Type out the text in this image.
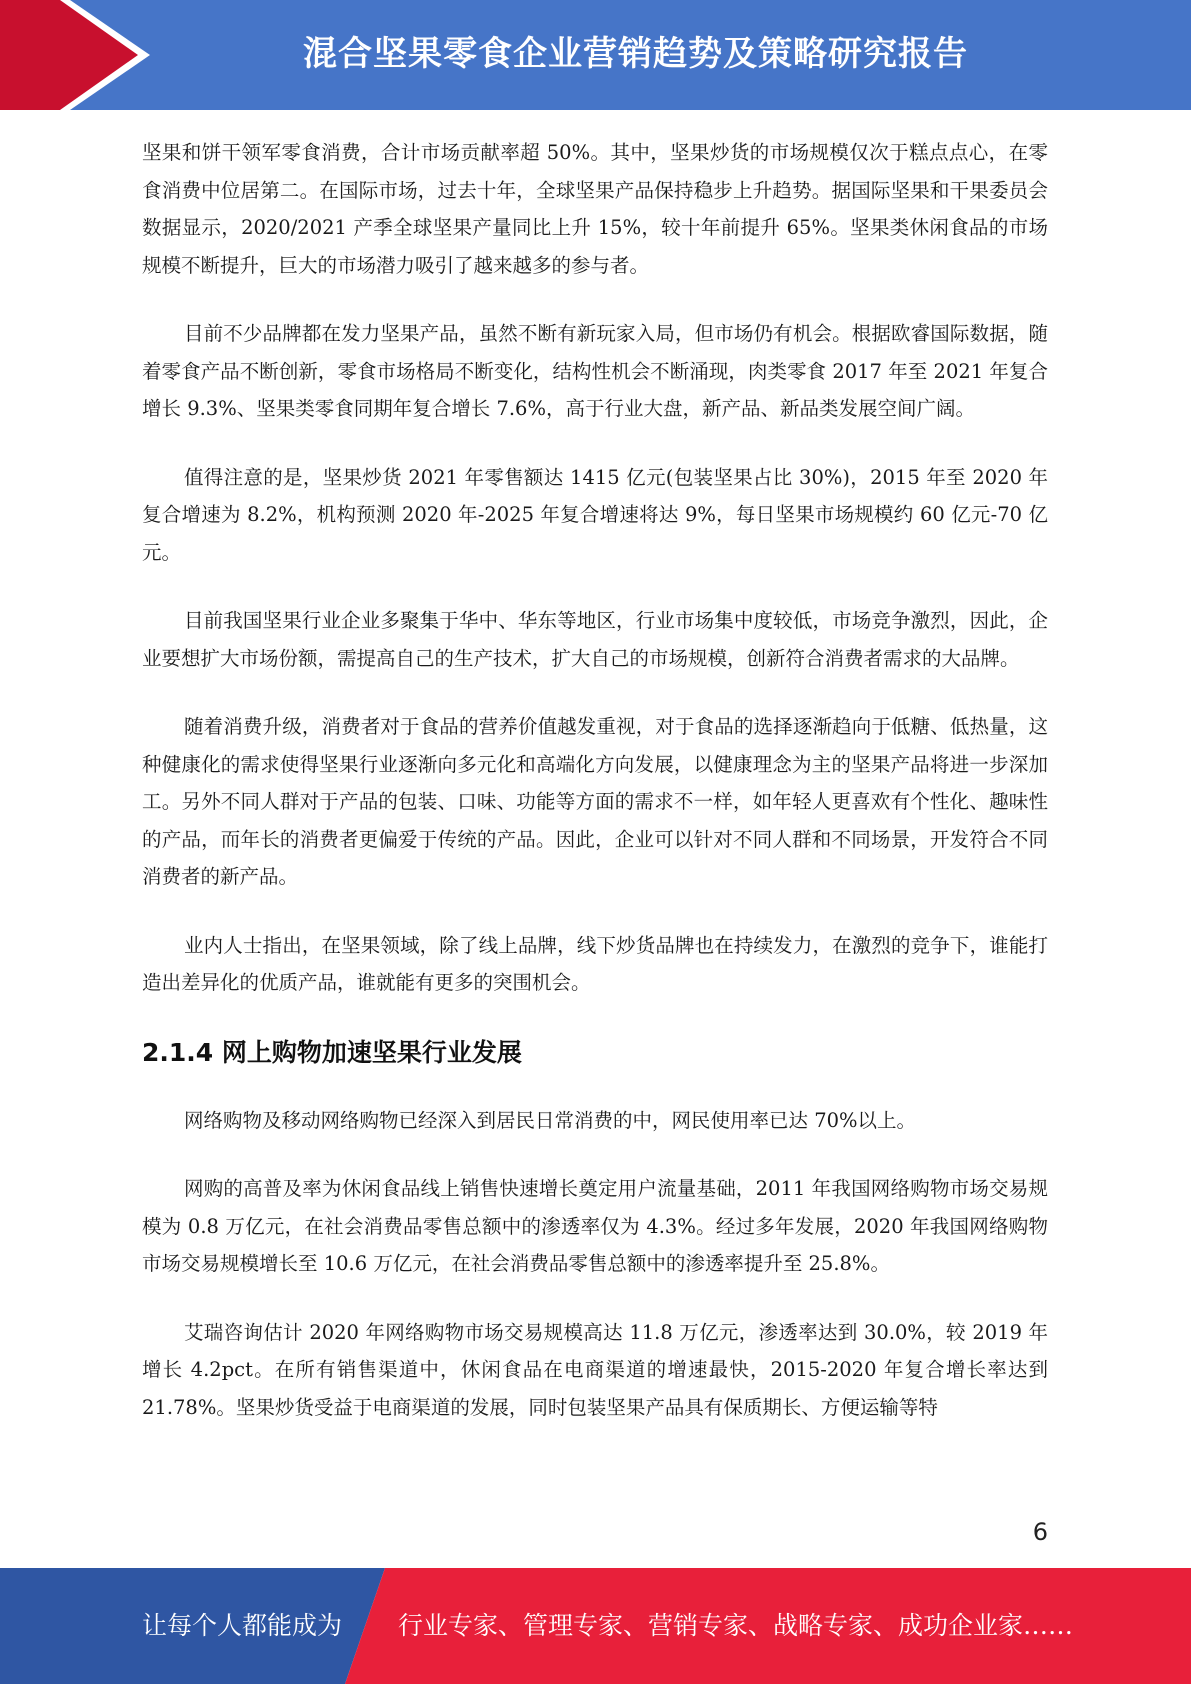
混合坚果零食企业营销趋势及策略研究报告

坚果和饼干领军零食消费，合计市场贡献率超 50%。其中，坚果炒货的市场规模仅次于糕点点心，在零食消费中位居第二。在国际市场，过去十年，全球坚果产品保持稳步上升趋势。据国际坚果和干果委员会数据显示，2020/2021 产季全球坚果产量同比上升 15%，较十年前提升 65%。坚果类休闲食品的市场规模不断提升，巨大的市场潜力吸引了越来越多的参与者。

目前不少品牌都在发力坚果产品，虽然不断有新玩家入局，但市场仍有机会。根据欧睿国际数据，随着零食产品不断创新，零食市场格局不断变化，结构性机会不断涌现，肉类零食 2017 年至 2021 年复合增长 9.3%、坚果类零食同期年复合增长 7.6%，高于行业大盘，新产品、新品类发展空间广阔。

值得注意的是，坚果炒货 2021 年零售额达 1415 亿元(包装坚果占比 30%)，2015 年至 2020 年复合增速为 8.2%，机构预测 2020 年-2025 年复合增速将达 9%，每日坚果市场规模约 60 亿元-70 亿元。

目前我国坚果行业企业多聚集于华中、华东等地区，行业市场集中度较低，市场竞争激烈，因此，企业要想扩大市场份额，需提高自己的生产技术，扩大自己的市场规模，创新符合消费者需求的大品牌。

随着消费升级，消费者对于食品的营养价值越发重视，对于食品的选择逐渐趋向于低糖、低热量，这种健康化的需求使得坚果行业逐渐向多元化和高端化方向发展，以健康理念为主的坚果产品将进一步深加工。另外不同人群对于产品的包装、口味、功能等方面的需求不一样，如年轻人更喜欢有个性化、趣味性的产品，而年长的消费者更偏爱于传统的产品。因此，企业可以针对不同人群和不同场景，开发符合不同消费者的新产品。

业内人士指出，在坚果领域，除了线上品牌，线下炒货品牌也在持续发力，在激烈的竞争下，谁能打造出差异化的优质产品，谁就能有更多的突围机会。

2.1.4 网上购物加速坚果行业发展

网络购物及移动网络购物已经深入到居民日常消费的中，网民使用率已达 70%以上。

网购的高普及率为休闲食品线上销售快速增长奠定用户流量基础，2011 年我国网络购物市场交易规模为 0.8 万亿元，在社会消费品零售总额中的渗透率仅为 4.3%。经过多年发展，2020 年我国网络购物市场交易规模增长至 10.6 万亿元，在社会消费品零售总额中的渗透率提升至 25.8%。

艾瑞咨询估计 2020 年网络购物市场交易规模高达 11.8 万亿元，渗透率达到 30.0%，较 2019 年增长 4.2pct。在所有销售渠道中，休闲食品在电商渠道的增速最快，2015-2020 年复合增长率达到 21.78%。坚果炒货受益于电商渠道的发展，同时包装坚果产品具有保质期长、方便运输等特

6
让每个人都能成为 行业专家、管理专家、营销专家、战略专家、成功企业家……
